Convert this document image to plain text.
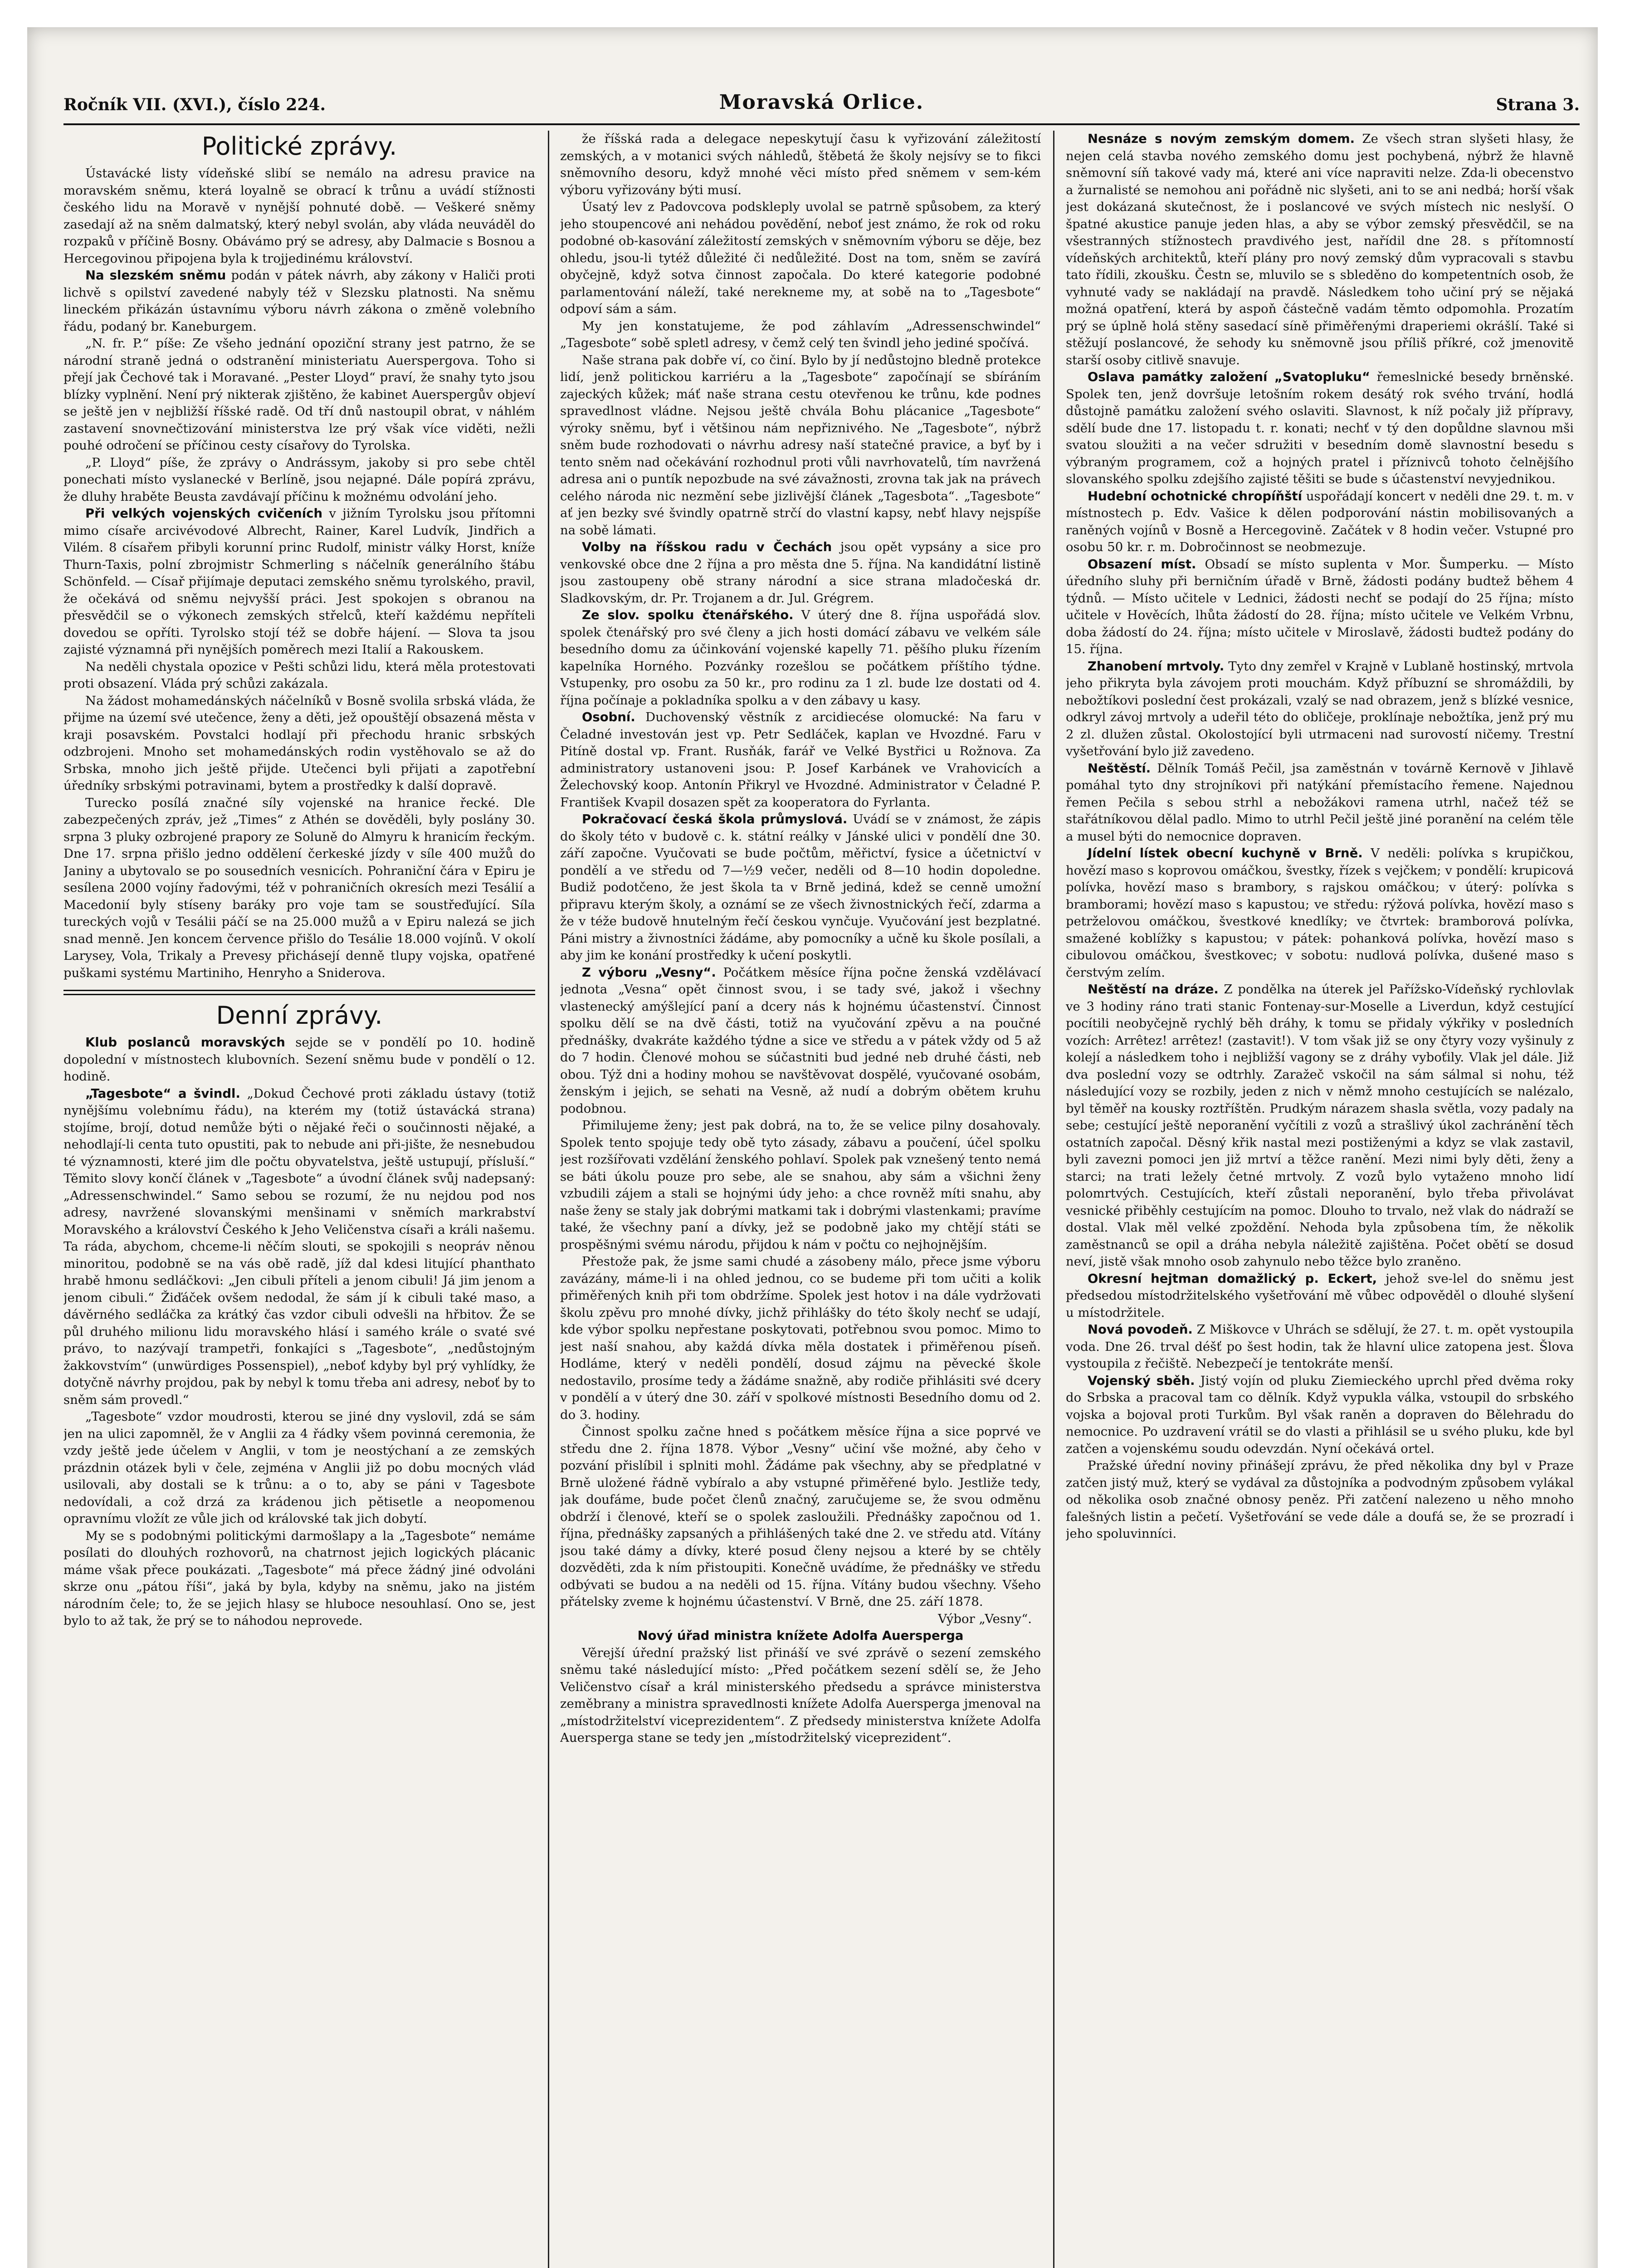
Ročník VII. (XVI.), číslo 224.	Moravská Orlice.	Strana 3.
Politické zprávy.

Ústavácké listy vídeňské slibí se nemálo na adresu pravice na moravském sněmu, která loyalně se obrací k trůnu a uvádí stížnosti českého lidu na Moravě v nynější pohnuté době. — Veškeré sněmy zasedají až na sněm dalmatský, který nebyl svolán, aby vláda neuváděl do rozpaků v příčině Bosny. Obávámo prý se adresy, aby Dalmacie s Bosnou a Hercegovinou připojena byla k trojjedinému království.

Na slezském sněmu podán v pátek návrh, aby zákony v Haliči proti lichvě s opilství zavedené nabyly též v Slezsku platnosti. Na sněmu lineckém přikázán ústavnímu výboru návrh zákona o změně volebního řádu, podaný br. Kaneburgem.

„N. fr. P.“ píše: Ze všeho jednání opoziční strany jest patrno, že se národní straně jedná o odstranění ministeriatu Auerspergova. Toho si přejí jak Čechové tak i Moravané. „Pester Lloyd“ praví, že snahy tyto jsou blízky vyplnění. Není prý nikterak zjištěno, že kabinet Auerspergův objeví se ještě jen v nejbližší říšské radě. Od tří dnů nastoupil obrat, v náhlém zastavení snovnečtizování ministerstva lze prý však více viděti, nežli pouhé odročení se příčinou cesty císařovy do Tyrolska.

„P. Lloyd“ píše, že zprávy o Andrássym, jakoby si pro sebe chtěl ponechati místo vyslanecké v Berlíně, jsou nejapné. Dále popírá zprávu, že dluhy hraběte Beusta zavdávají příčinu k možnému odvolání jeho.

Při velkých vojenských cvičeních v jižním Tyrolsku jsou přítomni mimo císaře arcivévodové Albrecht, Rainer, Karel Ludvík, Jindřich a Vilém. 8 císařem přibyli korunní princ Rudolf, ministr války Horst, kníže Thurn-Taxis, polní zbrojmistr Schmerling s náčelník generálního štábu Schönfeld. — Císař přijímaje deputaci zemského sněmu tyrolského, pravil, že očekává od sněmu nejvyšší práci. Jest spokojen s obranou na přesvědčil se o výkonech zemských střelců, kteří každému nepříteli dovedou se opříti. Tyrolsko stojí též se dobře hájení. — Slova ta jsou zajisté významná při nynějších poměrech mezi Italií a Rakouskem.

Na neděli chystala opozice v Pešti schůzi lidu, která měla protestovati proti obsazení. Vláda prý schůzi zakázala.

Na žádost mohamedánských náčelníků v Bosně svolila srbská vláda, že přijme na území své utečence, ženy a děti, jež opouštějí obsazená města v kraji posavském. Povstalci hodlají při přechodu hranic srbských odzbrojeni. Mnoho set mohamedánských rodin vystěhovalo se až do Srbska, mnoho jich ještě přijde. Utečenci byli přijati a zapotřební úředníky srbskými potravinami, bytem a prostředky k další dopravě.

Turecko posílá značné síly vojenské na hranice řecké. Dle zabezpečených zpráv, jež „Times“ z Athén se dověděli, byly poslány 30. srpna 3 pluky ozbrojené prapory ze Soluně do Almyru k hranicím řeckým. Dne 17. srpna přišlo jedno oddělení čerkeské jízdy v síle 400 mužů do Janiny a ubytovalo se po sousedních vesnicích. Pohraniční čára v Epiru je sesílena 2000 vojíny řadovými, též v pohraničních okresích mezi Tesálií a Macedonií byly stíseny baráky pro voje tam se soustřeďující. Síla tureckých vojů v Tesálii páčí se na 25.000 mužů a v Epiru nalezá se jich snad menně. Jen koncem července přišlo do Tesálie 18.000 vojínů. V okolí Larysey, Vola, Trikaly a Prevesy přichásejí denně tlupy vojska, opatřené puškami systému Martiniho, Henryho a Sniderova.

Denní zprávy.

Klub poslanců moravských sejde se v pondělí po 10. hodině dopolední v místnostech klubovních. Sezení sněmu bude v pondělí o 12. hodině.

„Tagesbote“ a švindl. „Dokud Čechové proti základu ústavy (totiž nynějšímu volebnímu řádu), na kterém my (totiž ústavácká strana) stojíme, brojí, dotud nemůže býti o nějaké řeči o součinnosti nějaké, a nehodlají-li centa tuto opustiti, pak to nebude ani při-jište, že nesnebudou té významnosti, které jim dle počtu obyvatelstva, ještě ustupují, přísluší.“ Těmito slovy končí článek v „Tagesbote“ a úvodní článek svůj nadepsaný: „Adressenschwindel.“ Samo sebou se rozumí, že nu nejdou pod nos adresy, navržené slovanskými menšinami v sněmích markrabství Moravského a království Českého k Jeho Veličenstva císaři a králi našemu. Ta ráda, abychom, chceme-li něčím slouti, se spokojili s neopráv něnou minoritou, podobně se na vás obě radě, jíž dal kdesi litující phanthato hrabě hmonu sedláčkovi: „Jen cibuli příteli a jenom cibuli! Já jim jenom a jenom cibuli.“ Žiďáček ovšem nedodal, že sám jí k cibuli také maso, a dávěrného sedláčka za krátký čas vzdor cibuli odvešli na hřbitov. Že se půl druhého milionu lidu moravského hlásí i samého krále o svaté své právo, to nazývají trampetři, fonkajíci s „Tagesbote“, „nedůstojným žakkovstvím“ (unwürdiges Possenspiel), „neboť kdyby byl prý vyhlídky, že dotyčně návrhy projdou, pak by nebyl k tomu třeba ani adresy, neboť by to sněm sám provedl.“

„Tagesbote“ vzdor moudrosti, kterou se jiné dny vyslovil, zdá se sám jen na ulici zapomněl, že v Anglii za 4 řádky všem povinná ceremonia, že vzdy ještě jede účelem v Anglii, v tom je neostýchaní a ze zemských prázdnin otázek byli v čele, zejména v Anglii již po dobu mocných vlád usilovali, aby dostali se k trůnu: a o to, aby se páni v Tagesbote nedovídali, a což drzá za krádenou jich pětisetle a neopomenou opravnímu vložít ze vůle jich od královské tak jich dobytí.

My se s podobnými politickými darmošlapy a la „Tagesbote“ nemáme posílati do dlouhých rozhovorů, na chatrnost jejich logických plácanic máme však přece poukázati. „Tagesbote“ má přece žádný jiné odvoláni skrze onu „pátou říši“, jaká by byla, kdyby na sněmu, jako na jistém národním čele; to, že se jejich hlasy se hluboce nesouhlasí. Ono se, jest bylo to až tak, že prý se to náhodou neprovede.

že říšská rada a delegace nepeskytují času k vyřizování záležitostí zemských, a v motanici svých náhledů, štěbetá že školy nejsívy se to fikci sněmovního desoru, když mnohé věci místo před sněmem v sem-kém výboru vyřizovány býti musí.

Úsatý lev z Padovcova podskleply uvolal se patrně spůsobem, za který jeho stoupencové ani nehádou povědění, neboť jest známo, že rok od roku podobné ob-kasování záležitostí zemských v sněmovním výboru se děje, bez ohledu, jsou-li tytéž důležité či nedůležité. Dost na tom, sněm se zavírá obyčejně, když sotva činnost započala. Do které kategorie podobné parlamentování náleží, také nerekneme my, at sobě na to „Tagesbote“ odpoví sám a sám.

My jen konstatujeme, že pod záhlavím „Adressenschwindel“ „Tagesbote“ sobě spletl adresy, v čemž celý ten švindl jeho jediné spočívá.

Naše strana pak dobře ví, co činí. Bylo by jí nedůstojno bledně protekce lidí, jenž politickou karriéru a la „Tagesbote“ započínají se sbíráním zajeckých kůžek; máť naše strana cestu otevřenou ke trůnu, kde podnes spravedlnost vládne. Nejsou ještě chvála Bohu plácanice „Tagesbote“ výroky sněmu, byť i většinou nám nepřiznivého. Ne „Tagesbote“, nýbrž sněm bude rozhodovati o návrhu adresy naší statečné pravice, a byť by i tento sněm nad očekávání rozhodnul proti vůli navrhovatelů, tím navržená adresa ani o puntík nepozbude na své závažnosti, zrovna tak jak na právech celého národa nic nezmění sebe jizlivější článek „Tagesbota“. „Tagesbote“ ať jen bezky své švindly opatrně strčí do vlastní kapsy, nebť hlavy nejspíše na sobě lámati.

Volby na říšskou radu v Čechách jsou opět vypsány a sice pro venkovské obce dne 2 října a pro města dne 5. října. Na kandidátní listině jsou zastoupeny obě strany národní a sice strana mladočeská dr. Sladkovským, dr. Pr. Trojanem a dr. Jul. Grégrem.

Ze slov. spolku čtenářského. V úterý dne 8. října uspořádá slov. spolek čtenářský pro své členy a jich hosti domácí zábavu ve velkém sále besedního domu za účinkování vojenské kapelly 71. pěšího pluku řízením kapelníka Horného. Pozvánky rozešlou se počátkem příštího týdne. Vstupenky, pro osobu za 50 kr., pro rodinu za 1 zl. bude lze dostati od 4. října počínaje a pokladníka spolku a v den zábavy u kasy.

Osobní. Duchovenský věstník z arcidiecése olomucké: Na faru v Čeladné investován jest vp. Petr Sedláček, kaplan ve Hvozdné. Faru v Pitíně dostal vp. Frant. Rusňák, farář ve Velké Bystřici u Rožnova. Za administratory ustanoveni jsou: P. Josef Karbánek ve Vrahovicích a Želechovský koop. Antonín Přikryl ve Hvozdné. Administrator v Čeladné P. František Kvapil dosazen spět za kooperatora do Fyrlanta.

Pokračovací česká škola průmyslová. Uvádí se v známost, že zápis do školy této v budově c. k. státní reálky v Jánské ulici v pondělí dne 30. září započne. Vyučovati se bude počtům, měřictví, fysice a účetnictví v pondělí a ve středu od 7—½9 večer, neděli od 8—10 hodin dopoledne. Budiž podotčeno, že jest škola ta v Brně jediná, kdež se cenně umožní připravu kterým školy, a oznámí se ze všech živnostnických řečí, zdarma a že v téže budově hnutelným řečí českou vynčuje. Vyučování jest bezplatné. Páni mistry a živnostníci žádáme, aby pomocníky a učně ku škole posílali, a aby jim ke konání prostředky k učení poskytli.

Z výboru „Vesny“. Počátkem měsíce října počne ženská vzdělávací jednota „Vesna“ opět činnost svou, i se tady své, jakož i všechny vlastenecký amýšlející paní a dcery nás k hojnému účastenství. Činnost spolku dělí se na dvě části, totiž na vyučování zpěvu a na poučné přednášky, dvakráte každého týdne a sice ve středu a v pátek vždy od 5 až do 7 hodin. Členové mohou se súčastniti bud jedné neb druhé části, neb obou. Týž dni a hodiny mohou se navštěvovat dospělé, vyučované osobám, ženským i jejich, se sehati na Vesně, až nudí a dobrým obětem kruhu podobnou.

Přimilujeme ženy; jest pak dobrá, na to, že se velice pilny dosahovaly. Spolek tento spojuje tedy obě tyto zásady, zábavu a poučení, účel spolku jest rozšířovati vzdělání ženského pohlaví. Spolek pak vznešený tento nemá se báti úkolu pouze pro sebe, ale se snahou, aby sám a všichni ženy vzbudili zájem a stali se hojnými údy jeho: a chce rovněž míti snahu, aby naše ženy se staly jak dobrými matkami tak i dobrými vlastenkami; pravíme také, že všechny paní a dívky, jež se podobně jako my chtějí státi se prospěšnými svému národu, přijdou k nám v počtu co nejhojnějším.

Přestože pak, že jsme sami chudé a zásobeny málo, přece jsme výboru zavázány, máme-li i na ohled jednou, co se budeme při tom učiti a kolik přiměřených knih při tom obdržíme. Spolek jest hotov i na dále vydržovati školu zpěvu pro mnohé dívky, jichž přihlášky do této školy nechť se udají, kde výbor spolku nepřestane poskytovati, potřebnou svou pomoc. Mimo to jest naší snahou, aby každá dívka měla dostatek i přiměřenou píseň. Hodláme, který v neděli pondělí, dosud zájmu na pěvecké škole nedostavilo, prosíme tedy a žádáme snažně, aby rodiče přihlásiti své dcery v pondělí a v úterý dne 30. září v spolkové místnosti Besedního domu od 2. do 3. hodiny.

Činnost spolku začne hned s počátkem měsíce října a sice poprvé ve středu dne 2. října 1878. Výbor „Vesny“ učiní vše možné, aby čeho v pozvání přislíbil i splniti mohl. Žádáme pak všechny, aby se předplatné v Brně uložené řádně vybíralo a aby vstupné přiměřené bylo. Jestliže tedy, jak doufáme, bude počet členů značný, zaručujeme se, že svou odměnu obdrží i členové, kteří se o spolek zasloužili. Přednášky započnou od 1. října, přednášky zapsaných a přihlášených také dne 2. ve středu atd. Vítány jsou také dámy a dívky, které posud členy nejsou a které by se chtěly dozvěděti, zda k ním přistoupiti. Konečně uvádíme, že přednášky ve středu odbývati se budou a na neděli od 15. října. Vítány budou všechny. Všeho přátelsky zveme k hojnému účastenství. V Brně, dne 25. září 1878.

Výbor „Vesny“.

Nový úřad ministra knížete Adolfa Auersperga

Věrejší úřední pražský list přináší ve své zprávě o sezení zemského sněmu také následující místo: „Před počátkem sezení sdělí se, že Jeho Veličenstvo císař a král ministerského předsedu a správce ministerstva zeměbrany a ministra spravedlnosti knížete Adolfa Auersperga jmenoval na „místodržitelství viceprezidentem“. Z předsedy ministerstva knížete Adolfa Auersperga stane se tedy jen „místodržitelský viceprezident“.

Nesnáze s novým zemským domem. Ze všech stran slyšeti hlasy, že nejen celá stavba nového zemského domu jest pochybená, nýbrž že hlavně sněmovní síň takové vady má, které ani více napraviti nelze. Zda-li obecenstvo a žurnalisté se nemohou ani pořádně nic slyšeti, ani to se ani nedbá; horší však jest dokázaná skutečnost, že i poslancové ve svých místech nic neslyší. O špatné akustice panuje jeden hlas, a aby se výbor zemský přesvědčil, se na všestranných stížnostech pravdivého jest, nařídil dne 28. s přítomností vídeňských architektů, kteří plány pro nový zemský dům vypracovali s stavbu tato řídili, zkoušku. Čestn se, mluvilo se s sbleděno do kompetentních osob, že vyhnuté vady se nakládají na pravdě. Následkem toho učiní prý se nějaká možná opatření, která by aspoň částečně vadám těmto odpomohla. Prozatím prý se úplně holá stěny sasedací síně přiměřenými draperiemi okrášlí. Také si stěžují poslancové, že sehody ku sněmovně jsou příliš příkré, což jmenovitě starší osoby citlivě snavuje.

Oslava památky založení „Svatopluku“ řemeslnické besedy brněnské. Spolek ten, jenž dovršuje letošním rokem desátý rok svého trvání, hodlá důstojně památku založení svého oslaviti. Slavnost, k níž počaly již přípravy, sdělí bude dne 17. listopadu t. r. konati; nechť v tý den dopůldne slavnou mši svatou sloužiti a na večer sdružiti v besedním domě slavnostní besedu s výbraným programem, což a hojných pratel i příznivců tohoto čelnějšího slovanského spolku zdejšího zajisté těšiti se bude s účastenství nevyjednikou.

Hudební ochotnické chropíňští uspořádají koncert v neděli dne 29. t. m. v místnostech p. Edv. Vašice k dělen podporování nástin mobilisovaných a raněných vojínů v Bosně a Hercegovině. Začátek v 8 hodin večer. Vstupné pro osobu 50 kr. r. m. Dobročinnost se neobmezuje.

Obsazení míst. Obsadí se místo suplenta v Mor. Šumperku. — Místo úředního sluhy při berničním úřadě v Brně, žádosti podány budtež během 4 týdnů. — Místo učitele v Lednici, žádosti nechť se podají do 25 října; místo učitele v Hověcích, lhůta žádostí do 28. října; místo učitele ve Velkém Vrbnu, doba žádostí do 24. října; místo učitele v Miroslavě, žádosti budtež podány do 15. října.

Zhanobení mrtvoly. Tyto dny zemřel v Krajně v Lublaně hostinský, mrtvola jeho přikryta byla závojem proti mouchám. Když příbuzní se shromáždili, by nebožtíkovi poslední čest prokázali, vzalý se nad obrazem, jenž s blízké vesnice, odkryl závoj mrtvoly a udeřil této do obličeje, proklínaje nebožtíka, jenž prý mu 2 zl. dlužen zůstal. Okolostojící byli utrmaceni nad surovostí ničemy. Trestní vyšetřování bylo již zavedeno.

Neštěstí. Dělník Tomáš Pečil, jsa zaměstnán v továrně Kernově v Jihlavě pomáhal tyto dny strojníkovi při natýkání přemístacího řemene. Najednou řemen Pečila s sebou strhl a nebožákovi ramena utrhl, načež též se stařátníkovou dělal padlo. Mimo to utrhl Pečil ještě jiné poranění na celém těle a musel býti do nemocnice dopraven.

Jídelní lístek obecní kuchyně v Brně. V neděli: polívka s krupičkou, hovězí maso s koprovou omáčkou, švestky, řízek s vejčkem; v pondělí: krupicová polívka, hovězí maso s brambory, s rajskou omáčkou; v úterý: polívka s bramborami; hovězí maso s kapustou; ve středu: rýžová polívka, hovězí maso s petrželovou omáčkou, švestkové knedlíky; ve čtvrtek: bramborová polívka, smažené koblížky s kapustou; v pátek: pohanková polívka, hovězí maso s cibulovou omáčkou, švestkovec; v sobotu: nudlová polívka, dušené maso s čerstvým zelím.

Neštěstí na dráze. Z pondělka na úterek jel Pařížsko-Vídeňský rychlovlak ve 3 hodiny ráno trati stanic Fontenay-sur-Moselle a Liverdun, když cestující pocítili neobyčejně rychlý běh dráhy, k tomu se přidaly výkřiky v posledních vozích: Arrêtez! arrêtez! (zastavit!). V tom však již se ony čtyry vozy vyšinuly z kolejí a následkem toho i nejbližší vagony se z dráhy vyboťily. Vlak jel dále. Již dva poslední vozy se odtrhly. Zaražeč vskočil na sám sálmal si nohu, též následující vozy se rozbily, jeden z nich v němž mnoho cestujících se nalézalo, byl těměř na kousky roztříštěn. Prudkým nárazem shasla světla, vozy padaly na sebe; cestující ještě neporanění vyčítili z vozů a strašlivý úkol zachránění těch ostatních započal. Děsný křik nastal mezi postiženými a kdyz se vlak zastavil, byli zavezni pomoci jen již mrtví a těžce ranění. Mezi nimi byly děti, ženy a starci; na trati ležely četné mrtvoly. Z vozů bylo vytaženo mnoho lidí polomrtvých. Cestujících, kteří zůstali neporanění, bylo třeba přivolávat vesnické přiběhly cestujícím na pomoc. Dlouho to trvalo, než vlak do nádraží se dostal. Vlak měl velké zpoždění. Nehoda byla způsobena tím, že několik zaměstnanců se opil a dráha nebyla náležitě zajištěna. Počet obětí se dosud neví, jistě však mnoho osob zahynulo nebo těžce bylo zraněno.

Okresní hejtman domažlický p. Eckert, jehož sve-lel do sněmu jest předsedou místodržitelského vyšetřování mě vůbec odpověděl o dlouhé slyšení u místodržitele.

Nová povodeň. Z Miškovce v Uhrách se sdělují, že 27. t. m. opět vystoupila voda. Dne 26. trval déšť po šest hodin, tak že hlavní ulice zatopena jest. Šlova vystoupila z řečiště. Nebezpečí je tentokráte menší.

Vojenský sběh. Jistý vojín od pluku Ziemieckého uprchl před dvěma roky do Srbska a pracoval tam co dělník. Když vypukla válka, vstoupil do srbského vojska a bojoval proti Turkům. Byl však raněn a dopraven do Bělehradu do nemocnice. Po uzdravení vrátil se do vlasti a přihlásil se u svého pluku, kde byl zatčen a vojenskému soudu odevzdán. Nyní očekává ortel.

Pražské úřední noviny přinášejí zprávu, že před několika dny byl v Praze zatčen jistý muž, který se vydával za důstojníka a podvodným způsobem vylákal od několika osob značné obnosy peněz. Při zatčení nalezeno u něho mnoho falešných listin a pečetí. Vyšetřování se vede dále a doufá se, že se prozradí i jeho spoluvinníci.
